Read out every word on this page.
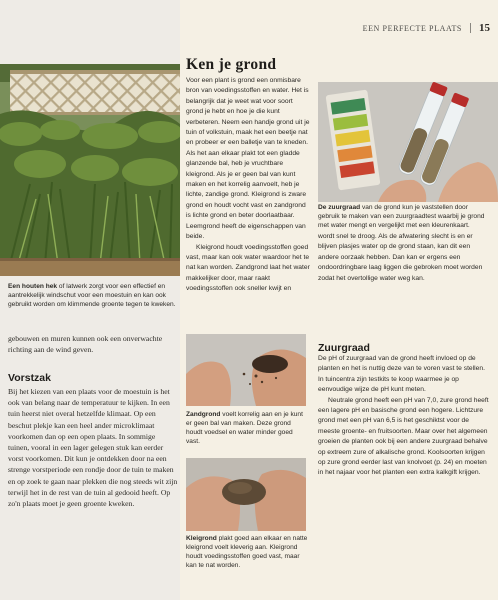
EEN PERFECTE PLAATS 15
Een houten hek of latwerk zorgt voor een effectief en aantrekkelijk windschut voor een moestuin en kan ook gebruikt worden om klimmende groente tegen te kweken.
Ken je grond

Voor een plant is grond een onmisbare bron van voedingsstoffen en water. Het is belangrijk dat je weet wat voor soort grond je hebt en hoe je die kunt verbeteren. Neem een handje grond uit je tuin of volkstuin, maak het een beetje nat en probeer er een balletje van te kneden. Als het aan elkaar plakt tot een gladde glanzende bal, heb je vruchtbare kleigrond. Als je er geen bal van kunt maken en het korrelig aanvoelt, heb je lichte, zandige grond. Kleigrond is zware grond en houdt vocht vast en zandgrond is lichte grond en beter doorlaatbaar. Leemgrond heeft de eigenschappen van beide.

Kleigrond houdt voedingsstoffen goed vast, maar kan ook water waardoor het te nat kan worden. Zandgrond laat het water makkelijker door, maar raakt voedingsstoffen ook sneller kwijt en

De zuurgraad van de grond kun je vaststellen door gebruik te maken van een zuurgraadtest waarbij je grond met water mengt en vergelijkt met een kleurenkaart.

wordt snel te droog. Als de afwatering slecht is en er blijven plasjes water op de grond staan, kan dit een andere oorzaak hebben. Dan kan er ergens een ondoordringbare laag liggen die gebroken moet worden zodat het overtollige water weg kan.

Zuurgraad

De pH of zuurgraad van de grond heeft invloed op de planten en het is nuttig deze van te voren vast te stellen. In tuincentra zijn testkits te koop waarmee je op eenvoudige wijze de pH kunt meten.

Neutrale grond heeft een pH van 7,0, zure grond heeft een lagere pH en basische grond een hogere. Lichtzure grond met een pH van 6,5 is het geschiktst voor de meeste groente- en fruitsoorten. Maar over het algemeen groeien de planten ook bij een andere zuurgraad behalve op extreem zure of alkalische grond. Koolsoorten krijgen op zure grond eerder last van knolvoet (p. 24) en moeten in het najaar voor het planten een extra kalkgift krijgen.

Zandgrond voelt korrelig aan en je kunt er geen bal van maken. Deze grond houdt voedsel en water minder goed vast.
Kleigrond plakt goed aan elkaar en natte kleigrond voelt kleverig aan. Kleigrond houdt voedingsstoffen goed vast, maar kan te nat worden.

gebouwen en muren kunnen ook een onverwachte richting aan de wind geven.

Vorstzak

Bij het kiezen van een plaats voor de moestuin is het ook van belang naar de temperatuur te kijken. In een tuin heerst niet overal hetzelfde klimaat. Op een beschut plekje kan een heel ander microklimaat voorkomen dan op een open plaats. In sommige tuinen, vooral in een lager gelegen stuk kan eerder vorst voorkomen. Dit kun je ontdekken door na een strenge vorstperiode een rondje door de tuin te maken en op zoek te gaan naar plekken die nog steeds wit zijn terwijl het in de rest van de tuin al gedooid heeft. Op zo'n plaats moet je geen groente kweken.
